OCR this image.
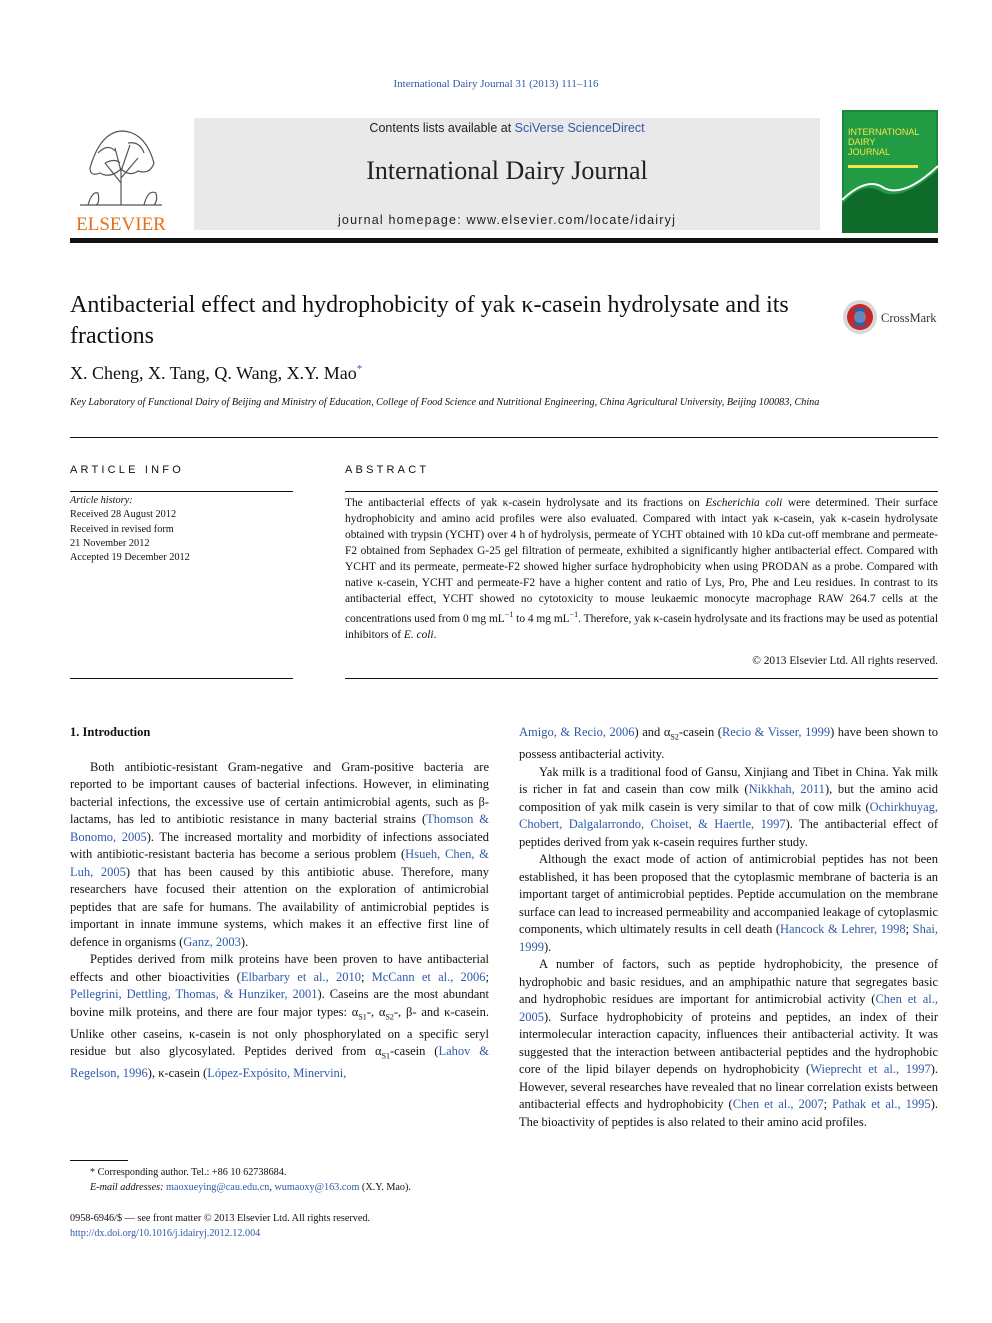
International Dairy Journal 31 (2013) 111–116
ELSEVIER
Contents lists available at SciVerse ScienceDirect
International Dairy Journal
journal homepage: www.elsevier.com/locate/idairyj
INTERNATIONAL
DAIRY
JOURNAL
Antibacterial effect and hydrophobicity of yak κ-casein hydrolysate and its fractions
CrossMark
X. Cheng, X. Tang, Q. Wang, X.Y. Mao*
Key Laboratory of Functional Dairy of Beijing and Ministry of Education, College of Food Science and Nutritional Engineering, China Agricultural University, Beijing 100083, China
ARTICLE INFO
Article history:
Received 28 August 2012
Received in revised form
21 November 2012
Accepted 19 December 2012
ABSTRACT
The antibacterial effects of yak κ-casein hydrolysate and its fractions on Escherichia coli were determined. Their surface hydrophobicity and amino acid profiles were also evaluated. Compared with intact yak κ-casein, yak κ-casein hydrolysate obtained with trypsin (YCHT) over 4 h of hydrolysis, permeate of YCHT obtained with 10 kDa cut-off membrane and permeate-F2 obtained from Sephadex G-25 gel filtration of permeate, exhibited a significantly higher antibacterial effect. Compared with YCHT and its permeate, permeate-F2 showed higher surface hydrophobicity when using PRODAN as a probe. Compared with native κ-casein, YCHT and permeate-F2 have a higher content and ratio of Lys, Pro, Phe and Leu residues. In contrast to its antibacterial effect, YCHT showed no cytotoxicity to mouse leukaemic monocyte macrophage RAW 264.7 cells at the concentrations used from 0 mg $mL^{-1}$ to 4 mg $mL^{-1}$. Therefore, yak κ-casein hydrolysate and its fractions may be used as potential inhibitors of E. coli.
© 2013 Elsevier Ltd. All rights reserved.
1. Introduction

Both antibiotic-resistant Gram-negative and Gram-positive bacteria are reported to be important causes of bacterial infections. However, in eliminating bacterial infections, the excessive use of certain antimicrobial agents, such as β-lactams, has led to antibiotic resistance in many bacterial strains (Thomson & Bonomo, 2005). The increased mortality and morbidity of infections associated with antibiotic-resistant bacteria has become a serious problem (Hsueh, Chen, & Luh, 2005) that has been caused by this antibiotic abuse. Therefore, many researchers have focused their attention on the exploration of antimicrobial peptides that are safe for humans. The availability of antimicrobial peptides is important in innate immune systems, which makes it an effective first line of defence in organisms (Ganz, 2003).

Peptides derived from milk proteins have been proven to have antibacterial effects and other bioactivities (Elbarbary et al., 2010; McCann et al., 2006; Pellegrini, Dettling, Thomas, & Hunziker, 2001). Caseins are the most abundant bovine milk proteins, and there are four major types: $\alpha_{S1}-$, $\alpha_{S2}-$, β- and κ-casein. Unlike other caseins, κ-casein is not only phosphorylated on a specific seryl residue but also glycosylated. Peptides derived from $\alpha_{S1}$-casein (Lahov & Regelson, 1996), κ-casein (López-Expósito, Minervini,

Amigo, & Recio, 2006) and $\alpha_{S2}$-casein (Recio & Visser, 1999) have been shown to possess antibacterial activity.

Yak milk is a traditional food of Gansu, Xinjiang and Tibet in China. Yak milk is richer in fat and casein than cow milk (Nikkhah, 2011), but the amino acid composition of yak milk casein is very similar to that of cow milk (Ochirkhuyag, Chobert, Dalgalarrondo, Choiset, & Haertle, 1997). The antibacterial effect of peptides derived from yak κ-casein requires further study.

Although the exact mode of action of antimicrobial peptides has not been established, it has been proposed that the cytoplasmic membrane of bacteria is an important target of antimicrobial peptides. Peptide accumulation on the membrane surface can lead to increased permeability and accompanied leakage of cytoplasmic components, which ultimately results in cell death (Hancock & Lehrer, 1998; Shai, 1999).

A number of factors, such as peptide hydrophobicity, the presence of hydrophobic and basic residues, and an amphipathic nature that segregates basic and hydrophobic residues are important for antimicrobial activity (Chen et al., 2005). Surface hydrophobicity of proteins and peptides, an index of their intermolecular interaction capacity, influences their antibacterial activity. It was suggested that the interaction between antibacterial peptides and the hydrophobic core of the lipid bilayer depends on hydrophobicity (Wieprecht et al., 1997). However, several researches have revealed that no linear correlation exists between antibacterial effects and hydrophobicity (Chen et al., 2007; Pathak et al., 1995). The bioactivity of peptides is also related to their amino acid profiles.

* Corresponding author. Tel.: +86 10 62738684.
E-mail addresses: maoxueying@cau.edu.cn, wumaoxy@163.com (X.Y. Mao).
0958-6946/$ — see front matter © 2013 Elsevier Ltd. All rights reserved.
http://dx.doi.org/10.1016/j.idairyj.2012.12.004
